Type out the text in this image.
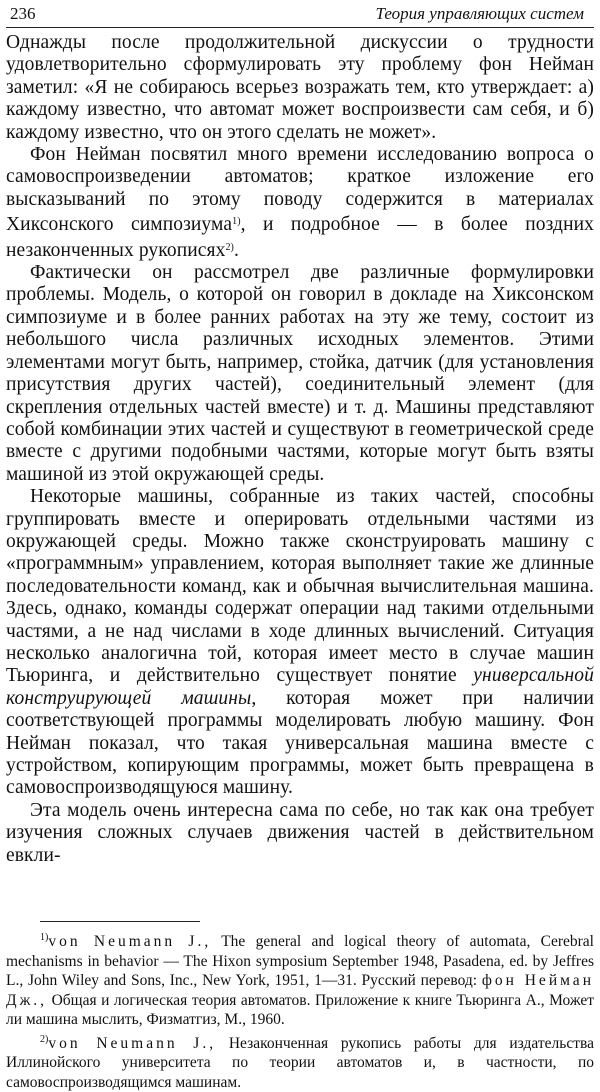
236	Теория управляющих систем

Однажды после продолжительной дискуссии о трудности удовлетворительно сформулировать эту проблему фон Нейман заметил: «Я не собираюсь всерьез возражать тем, кто утверждает: а) каждому известно, что автомат может воспроизвести сам себя, и б) каждому известно, что он этого сделать не может».

Фон Нейман посвятил много времени исследованию вопроса о самовоспроизведении автоматов; краткое изложение его высказываний по этому поводу содержится в материалах Хиксонского симпозиума$^{1)}$, и подробное — в более поздних незаконченных рукописях$^{2)}$.

Фактически он рассмотрел две различные формулировки проблемы. Модель, о которой он говорил в докладе на Хиксонском симпозиуме и в более ранних работах на эту же тему, состоит из небольшого числа различных исходных элементов. Этими элементами могут быть, например, стойка, датчик (для установления присутствия других частей), соединительный элемент (для скрепления отдельных частей вместе) и т. д. Машины представляют собой комбинации этих частей и существуют в геометрической среде вместе с другими подобными частями, которые могут быть взяты машиной из этой окружающей среды.

Некоторые машины, собранные из таких частей, способны группировать вместе и оперировать отдельными частями из окружающей среды. Можно также сконструировать машину с «программным» управлением, которая выполняет такие же длинные последовательности команд, как и обычная вычислительная машина. Здесь, однако, команды содержат операции над такими отдельными частями, а не над числами в ходе длинных вычислений. Ситуация несколько аналогична той, которая имеет место в случае машин Тьюринга, и действительно существует понятие универсальной конструирующей машины, которая может при наличии соответствующей программы моделировать любую машину. Фон Нейман показал, что такая универсальная машина вместе с устройством, копирующим программы, может быть превращена в самовоспроизводящуюся машину.

Эта модель очень интересна сама по себе, но так как она требует изучения сложных случаев движения частей в действительном евкли-

$^{1)}$von Neumann J., The general and logical theory of automata, Cerebral mechanisms in behavior — The Hixon symposium September 1948, Pasadena, ed. by Jeffres L., John Wiley and Sons, Inc., New York, 1951, 1—31. Русский перевод: фон Нейман Дж., Общая и логическая теория автоматов. Приложение к книге Тьюринга А., Может ли машина мыслить, Физматгиз, М., 1960.

$^{2)}$von Neumann J., Незаконченная рукопись работы для издательства Иллинойского университета по теории автоматов и, в частности, по самовоспроизводящимся машинам.
